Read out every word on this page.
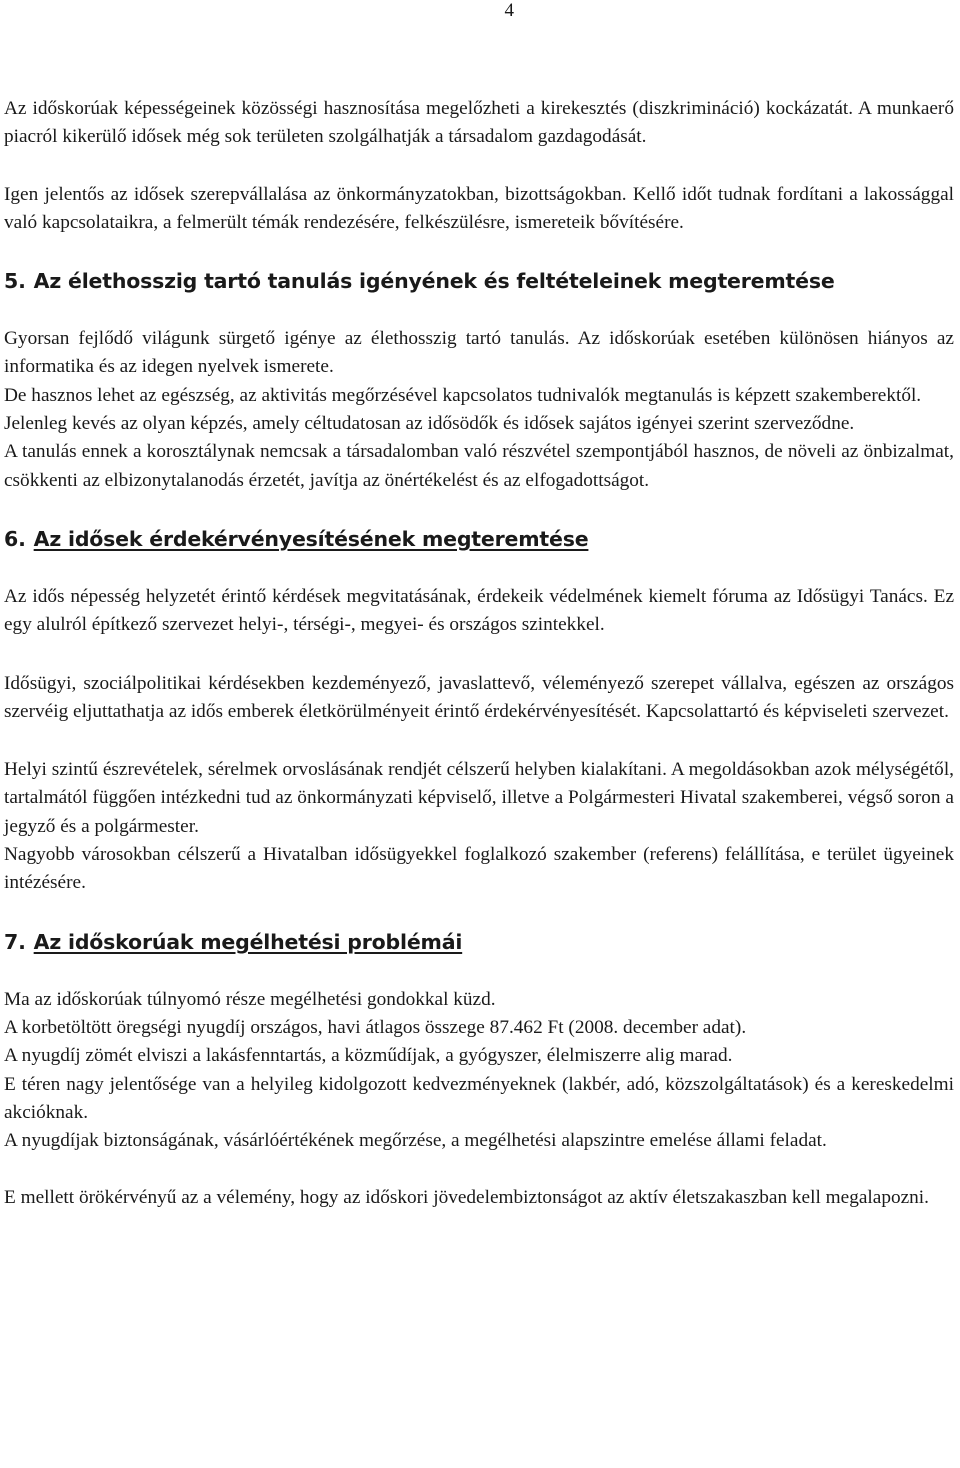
4

Az időskorúak képességeinek közösségi hasznosítása megelőzheti a kirekesztés (diszkrimináció) kockázatát. A munkaerő piacról kikerülő idősek még sok területen szolgálhatják a társadalom gazdagodását.

Igen jelentős az idősek szerepvállalása az önkormányzatokban, bizottságokban. Kellő időt tudnak fordítani a lakossággal való kapcsolataikra, a felmerült témák rendezésére, felkészülésre, ismereteik bővítésére.

5. Az élethosszig tartó tanulás igényének és feltételeinek megteremtése

Gyorsan fejlődő világunk sürgető igénye az élethosszig tartó tanulás. Az időskorúak esetében különösen hiányos az informatika és az idegen nyelvek ismerete.

De hasznos lehet az egészség, az aktivitás megőrzésével kapcsolatos tudnivalók megtanulás is képzett szakemberektől.

Jelenleg kevés az olyan képzés, amely céltudatosan az idősödők és idősek sajátos igényei szerint szerveződne.

A tanulás ennek a korosztálynak nemcsak a társadalomban való részvétel szempontjából hasznos, de növeli az önbizalmat, csökkenti az elbizonytalanodás érzetét, javítja az önértékelést és az elfogadottságot.

6. Az idősek érdekérvényesítésének megteremtése

Az idős népesség helyzetét érintő kérdések megvitatásának, érdekeik védelmének kiemelt fóruma az Idősügyi Tanács. Ez egy alulról építkező szervezet helyi-, térségi-, megyei- és országos szintekkel.

Idősügyi, szociálpolitikai kérdésekben kezdeményező, javaslattevő, véleményező szerepet vállalva, egészen az országos szervéig eljuttathatja az idős emberek életkörülményeit érintő érdekérvényesítését. Kapcsolattartó és képviseleti szervezet.

Helyi szintű észrevételek, sérelmek orvoslásának rendjét célszerű helyben kialakítani. A megoldásokban azok mélységétől, tartalmától függően intézkedni tud az önkormányzati képviselő, illetve a Polgármesteri Hivatal szakemberei, végső soron a jegyző és a polgármester.

Nagyobb városokban célszerű a Hivatalban idősügyekkel foglalkozó szakember (referens) felállítása, e terület ügyeinek intézésére.

7. Az időskorúak megélhetési problémái

Ma az időskorúak túlnyomó része megélhetési gondokkal küzd.

A korbetöltött öregségi nyugdíj országos, havi átlagos összege 87.462 Ft (2008. december adat).

A nyugdíj zömét elviszi a lakásfenntartás, a közműdíjak, a gyógyszer, élelmiszerre alig marad.

E téren nagy jelentősége van a helyileg kidolgozott kedvezményeknek (lakbér, adó, közszolgáltatások) és a kereskedelmi akcióknak.

A nyugdíjak biztonságának, vásárlóértékének megőrzése, a megélhetési alapszintre emelése állami feladat.

E mellett örökérvényű az a vélemény, hogy az időskori jövedelembiztonságot az aktív életszakaszban kell megalapozni.
